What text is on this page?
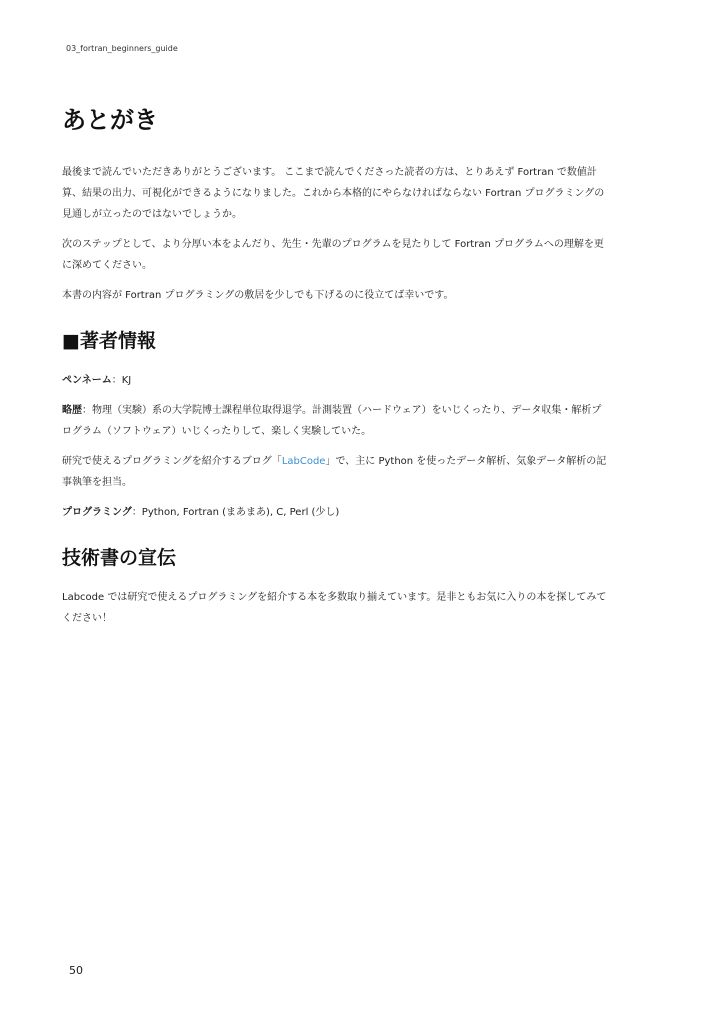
03_fortran_beginners_guide
あとがき

最後まで読んでいただきありがとうございます。 ここまで読んでくださった読者の方は、とりあえず Fortran で数値計算、結果の出力、可視化ができるようになりました。これから本格的にやらなければならない Fortran プログラミングの見通しが立ったのではないでしょうか。

次のステップとして、より分厚い本をよんだり、先生・先輩のプログラムを見たりして Fortran プログラムへの理解を更に深めてください。

本書の内容が Fortran プログラミングの敷居を少しでも下げるのに役立てば幸いです。

■著者情報

ペンネーム：KJ

略歴：物理（実験）系の大学院博士課程単位取得退学。計測装置（ハードウェア）をいじくったり、データ収集・解析プログラム（ソフトウェア）いじくったりして、楽しく実験していた。

研究で使えるプログラミングを紹介するブログ「LabCode」で、主に Python を使ったデータ解析、気象データ解析の記事執筆を担当。

プログラミング：Python, Fortran (まあまあ), C, Perl (少し)

技術書の宣伝

Labcode では研究で使えるプログラミングを紹介する本を多数取り揃えています。是非ともお気に入りの本を探してみてください！

50
